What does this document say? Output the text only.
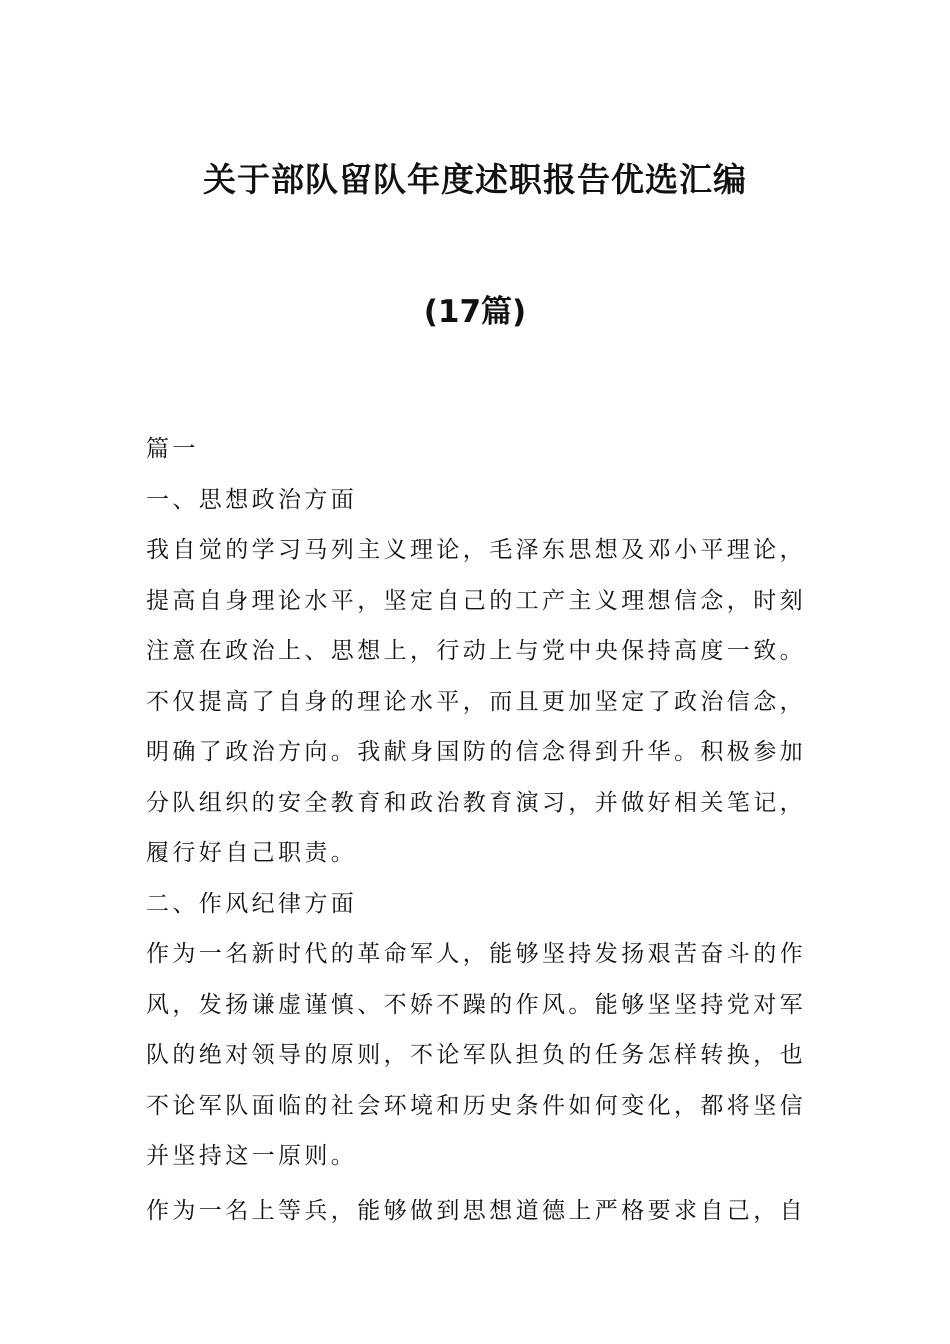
关于部队留队年度述职报告优选汇编
(17篇)

篇一

一、思想政治方面

我自觉的学习马列主义理论，毛泽东思想及邓小平理论，

提高自身理论水平，坚定自己的工产主义理想信念，时刻

注意在政治上、思想上，行动上与党中央保持高度一致。

不仅提高了自身的理论水平，而且更加坚定了政治信念，

明确了政治方向。我献身国防的信念得到升华。积极参加

分队组织的安全教育和政治教育演习，并做好相关笔记，

履行好自己职责。

二、作风纪律方面

作为一名新时代的革命军人，能够坚持发扬艰苦奋斗的作

风，发扬谦虚谨慎、不娇不躁的作风。能够坚坚持党对军

队的绝对领导的原则，不论军队担负的任务怎样转换，也

不论军队面临的社会环境和历史条件如何变化，都将坚信

并坚持这一原则。

作为一名上等兵，能够做到思想道德上严格要求自己，自
